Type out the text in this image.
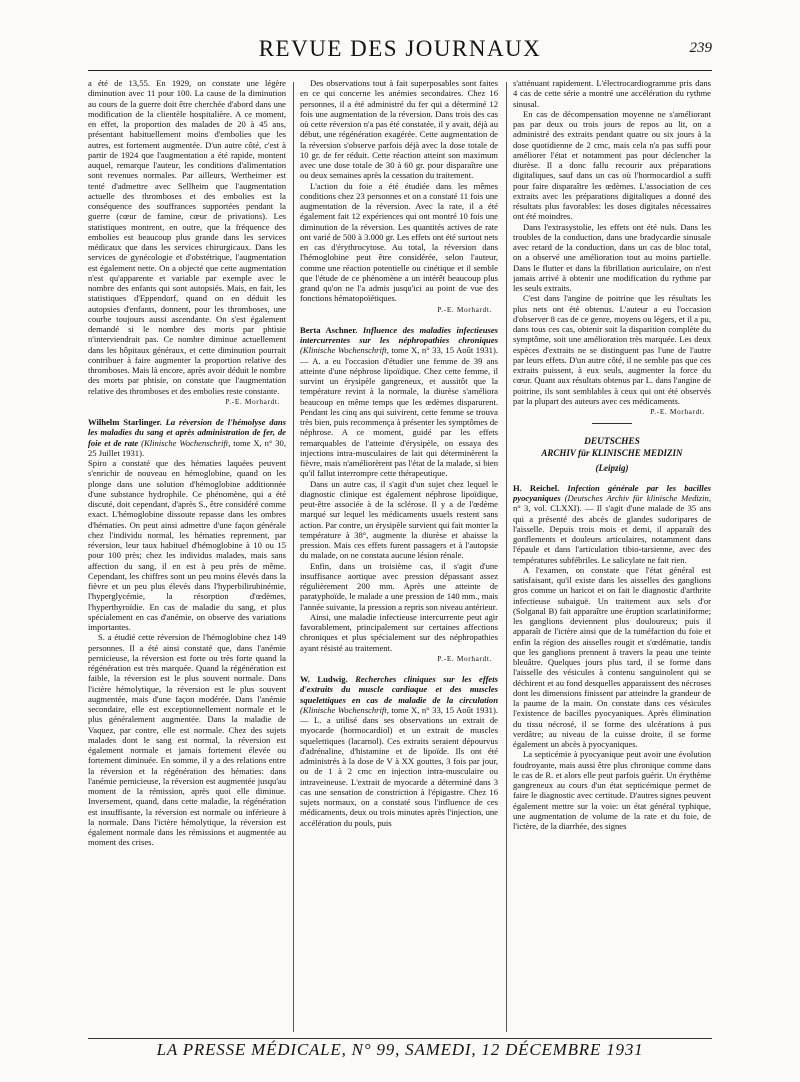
REVUE DES JOURNAUX	239

a été de 13,55. En 1929, on constate une légère diminution avec 11 pour 100. La cause de la diminution au cours de la guerre doit être cherchée d'abord dans une modification de la clientèle hospitalière. A ce moment, en effet, la proportion des malades de 20 à 45 ans, présentant habituellement moins d'embolies que les autres, est fortement augmentée. D'un autre côté, c'est à partir de 1924 que l'augmentation a été rapide, montent auquel, remarque l'auteur, les conditions d'alimentation sont revenues normales. Par ailleurs, Wertheimer est tenté d'admettre avec Sellheim que l'augmentation actuelle des thromboses et des embolies est la conséquence des souffrances supportées pendant la guerre (cœur de famine, cœur de privations). Les statistiques montrent, en outre, que la fréquence des embolies est beaucoup plus grande dans les services médicaux que dans les services chirurgicaux. Dans les services de gynécologie et d'obstétrique, l'augmentation est également nette. On a objecté que cette augmentation n'est qu'apparente et variable par exemple avec le nombre des enfants qui sont autopsiés. Mais, en fait, les statistiques d'Eppendorf, quand on en déduit les autopsies d'enfants, donnent, pour les thromboses, une courbe toujours aussi ascendante. On s'est également demandé si le nombre des morts par phtisie n'interviendrait pas. Ce nombre diminue actuellement dans les hôpitaux généraux, et cette diminution pourrait contribuer à faire augmenter la proportion relative des thromboses. Mais là encore, après avoir déduit le nombre des morts par phtisie, on constate que l'augmentation relative des thromboses et des embolies reste constante.

P.-E. Morhardt.

Wilhelm Starlinger. La réversion de l'hémolyse dans les maladies du sang et après administration de fer, de foie et de rate (Klinische Wochenschrift, tome X, n° 30, 25 Juillet 1931).

Spiro a constaté que des hématies laquées peuvent s'enrichir de nouveau en hémoglobine, quand on les plonge dans une solution d'hémoglobine additionnée d'une substance hydrophile. Ce phénomène, qui a été discuté, doit cependant, d'après S., être considéré comme exact. L'hémoglobine dissoute repasse dans les ombres d'hématies. On peut ainsi admettre d'une façon générale chez l'individu normal, les hématies reprennent, par réversion, leur taux habituel d'hémoglobine à 10 ou 15 pour 100 près; chez les individus malades, mais sans affection du sang, il en est à peu près de même. Cependant, les chiffres sont un peu moins élevés dans la fièvre et un peu plus élevés dans l'hyperbilirubinémie, l'hyperglycémie, la résorption d'œdèmes, l'hyperthyroïdie. En cas de maladie du sang, et plus spécialement en cas d'anémie, on observe des variations importantes.

S. a étudié cette réversion de l'hémoglobine chez 149 personnes. Il a été ainsi constaté que, dans l'anémie pernicieuse, la réversion est forte ou très forte quand la régénération est très marquée. Quand la régénération est faible, la réversion est le plus souvent normale. Dans l'ictère hémolytique, la réversion est le plus souvent augmentée, mais d'une façon modérée. Dans l'anémie secondaire, elle est exceptionnellement normale et le plus généralement augmentée. Dans la maladie de Vaquez, par contre, elle est normale. Chez des sujets malades dont le sang est normal, la réversion est également normale et jamais fortement élevée ou fortement diminuée. En somme, il y a des relations entre la réversion et la régénération des hématies: dans l'anémie pernicieuse, la réversion est augmentée jusqu'au moment de la rémission, après quoi elle diminue. Inversement, quand, dans cette maladie, la régénération est insuffisante, la réversion est normale ou inférieure à la normale. Dans l'ictère hémolytique, la réversion est également normale dans les rémissions et augmentée au moment des crises.

Des observations tout à fait superposables sont faites en ce qui concerne les anémies secondaires. Chez 16 personnes, il a été administré du fer qui a déterminé 12 fois une augmentation de la réversion. Dans trois des cas où cette réversion n'a pas été constatée, il y avait, déjà au début, une régénération exagérée. Cette augmentation de la réversion s'observe parfois déjà avec la dose totale de 10 gr. de fer réduit. Cette réaction atteint son maximum avec une dose totale de 30 à 60 gr. pour disparaître une ou deux semaines après la cessation du traitement.

L'action du foie a été étudiée dans les mêmes conditions chez 23 personnes et on a constaté 11 fois une augmentation de la réversion. Avec la rate, il a été également fait 12 expériences qui ont montré 10 fois une diminution de la réversion. Les quantités actives de rate ont varié de 500 à 3.000 gr. Les effets ont été surtout nets en cas d'érythrocytose. Au total, la réversion dans l'hémoglobine peut être considérée, selon l'auteur, comme une réaction potentielle ou cinétique et il semble que l'étude de ce phénomène a un intérêt beaucoup plus grand qu'on ne l'a admis jusqu'ici au point de vue des fonctions hématopoïétiques.

P.-E. Morhardt.

Berta Aschner. Influence des maladies infectieuses intercurrentes sur les néphropathies chroniques (Klinische Wochenschrift, tome X, n° 33, 15 Août 1931). — A. a eu l'occasion d'étudier une femme de 39 ans atteinte d'une néphrose lipoïdique. Chez cette femme, il survint un érysipèle gangreneux, et aussitôt que la température revint à la normale, la diurèse s'améliora beaucoup en même temps que les œdèmes disparurent. Pendant les cinq ans qui suivirent, cette femme se trouva très bien, puis recommença à présenter les symptômes de néphrose. A ce moment, guidé par les effets remarquables de l'atteinte d'érysipèle, on essaya des injections intra-musculaires de lait qui déterminèrent la fièvre, mais n'améliorèrent pas l'état de la malade, si bien qu'il fallut interrompre cette thérapeutique.

Dans un autre cas, il s'agit d'un sujet chez lequel le diagnostic clinique est également néphrose lipoïdique, peut-être associée à de la sclérose. Il y a de l'œdème marqué sur lequel les médicaments usuels restent sans action. Par contre, un érysipèle survient qui fait monter la température à 38°, augmente la diurèse et abaisse la pression. Mais ces effets furent passagers et à l'autopsie du malade, on ne constata aucune lésion rénale.

Enfin, dans un troisième cas, il s'agit d'une insuffisance aortique avec pression dépassant assez régulièrement 200 mm. Après une atteinte de paratyphoïde, le malade a une pression de 140 mm., mais l'année suivante, la pression a repris son niveau antérieur.

Ainsi, une maladie infectieuse intercurrente peut agir favorablement, principalement sur certaines affections chroniques et plus spécialement sur des néphropathies ayant résisté au traitement.

P.-E. Morhardt.

W. Ludwig. Recherches cliniques sur les effets d'extraits du muscle cardiaque et des muscles squelettiques en cas de maladie de la circulation (Klinische Wochenschrift, tome X, n° 33, 15 Août 1931). — L. a utilisé dans ses observations un extrait de myocarde (hormocardiol) et un extrait de muscles squelettiques (lacarnol). Ces extraits seraient dépourvus d'adrénaline, d'histamine et de lipoïde. Ils ont été administrés à la dose de V à XX gouttes, 3 fois par jour, ou de 1 à 2 cmc en injection intra-musculaire ou intraveineuse. L'extrait de myocarde a déterminé dans 3 cas une sensation de constriction à l'épigastre. Chez 16 sujets normaux, on a constaté sous l'influence de ces médicaments, deux ou trois minutes après l'injection, une accélération du pouls, puis

s'atténuant rapidement. L'électrocardiogramme pris dans 4 cas de cette série a montré une accélération du rythme sinusal.

En cas de décompensation moyenne ne s'améliorant pas par deux ou trois jours de repos au lit, on a administré des extraits pendant quatre ou six jours à la dose quotidienne de 2 cmc, mais cela n'a pas suffi pour améliorer l'état et notamment pas pour déclencher la diurèse. Il a donc fallu recourir aux préparations digitaliques, sauf dans un cas où l'hormocardiol a suffi pour faire disparaître les œdèmes. L'association de ces extraits avec les préparations digitaliques a donné des résultats plus favorables: les doses digitales nécessaires ont été moindres.

Dans l'extrasystolie, les effets ont été nuls. Dans les troubles de la conduction, dans une bradycardie sinusale avec retard de la conduction, dans un cas de bloc total, on a observé une amélioration tout au moins partielle. Dans le flutter et dans la fibrillation auriculaire, on n'est jamais arrivé à obtenir une modification du rythme par les seuls extraits.

C'est dans l'angine de poitrine que les résultats les plus nets ont été obtenus. L'auteur a eu l'occasion d'observer 8 cas de ce genre, moyens ou légers, et il a pu, dans tous ces cas, obtenir soit la disparition complète du symptôme, soit une amélioration très marquée. Les deux espèces d'extraits ne se distinguent pas l'une de l'autre par leurs effets. D'un autre côté, il ne semble pas que ces extraits puissent, à eux seuls, augmenter la force du cœur. Quant aux résultats obtenus par L. dans l'angine de poitrine, ils sont semblables à ceux qui ont été observés par la plupart des auteurs avec ces médicaments.

P.-E. Morhardt.
DEUTSCHES
ARCHIV für KLINISCHE MEDIZIN
(Leipzig)

H. Reichel. Infection générale par les bacilles pyocyaniques (Deutsches Archiv für klinische Medizin, n° 3, vol. CLXXI). — Il s'agit d'une malade de 35 ans qui a présenté des abcès de glandes sudoripares de l'aisselle. Depuis trois mois et demi, il apparaît des gonflements et douleurs articulaires, notamment dans l'épaule et dans l'articulation tibio-tarsienne, avec des températures subfébriles. Le salicylate ne fait rien.

A l'examen, on constate que l'état général est satisfaisant, qu'il existe dans les aisselles des ganglions gros comme un haricot et on fait le diagnostic d'arthrite infectieuse subaiguë. Un traitement aux sels d'or (Solganal B) fait apparaître une éruption scarlatiniforme; les ganglions deviennent plus douloureux; puis il apparaît de l'ictère ainsi que de la tuméfaction du foie et enfin la région des aisselles rougit et s'œdématie, tandis que les ganglions prennent à travers la peau une teinte bleuâtre. Quelques jours plus tard, il se forme dans l'aisselle des vésicules à contenu sanguinolent qui se déchirent et au fond desquelles apparaissent des nécroses dont les dimensions finissent par atteindre la grandeur de la paume de la main. On constate dans ces vésicules l'existence de bacilles pyocyaniques. Après élimination du tissu nécrosé, il se forme des ulcérations à pus verdâtre; au niveau de la cuisse droite, il se forme également un abcès à pyocyaniques.

La septicémie à pyocyanique peut avoir une évolution foudroyante, mais aussi être plus chronique comme dans le cas de R. et alors elle peut parfois guérir. Un érythème gangreneux au cours d'un état septicémique permet de faire le diagnostic avec certitude. D'autres signes peuvent également mettre sur la voie: un état général typhique, une augmentation de volume de la rate et du foie, de l'ictère, de la diarrhée, des signes

LA PRESSE MÉDICALE, N° 99, SAMEDI, 12 DÉCEMBRE 1931
